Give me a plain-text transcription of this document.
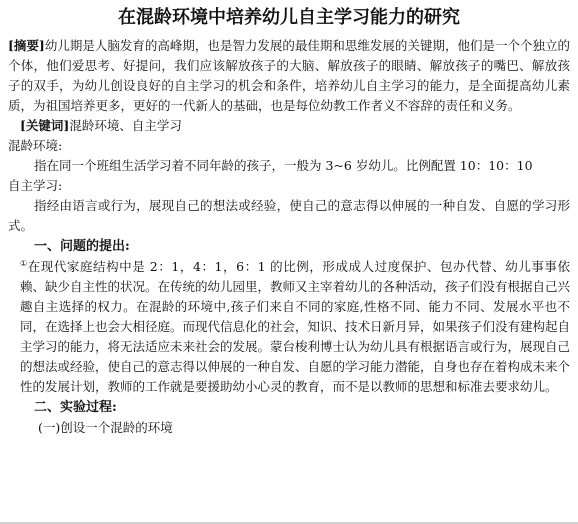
在混龄环境中培养幼儿自主学习能力的研究

[摘要]幼儿期是人脑发育的高峰期，也是智力发展的最佳期和思维发展的关键期，他们是一个个独立的个体，他们爱思考、好提问，我们应该解放孩子的大脑、解放孩子的眼睛、解放孩子的嘴巴、解放孩子的双手，为幼儿创设良好的自主学习的机会和条件，培养幼儿自主学习的能力，是全面提高幼儿素质，为祖国培养更多，更好的一代新人的基础，也是每位幼教工作者义不容辞的责任和义务。

[关键词]混龄环境、自主学习

混龄环境:

指在同一个班组生活学习着不同年龄的孩子，一般为 3~6 岁幼儿。比例配置 10：10：10

自主学习:

指经由语言或行为，展现自己的想法或经验，使自己的意志得以伸展的一种自发、自愿的学习形式。

一、问题的提出:

①在现代家庭结构中是 2：1，4：1，6：1 的比例，形成成人过度保护、包办代替、幼儿事事依赖、缺少自主性的状况。在传统的幼儿园里，教师又主宰着幼儿的各种活动，孩子们没有根据自己兴趣自主选择的权力。在混龄的环境中,孩子们来自不同的家庭,性格不同、能力不同、发展水平也不同，在选择上也会大相径庭。而现代信息化的社会，知识、技术日新月异，如果孩子们没有建构起自主学习的能力，将无法适应未来社会的发展。蒙台梭利博士认为幼儿具有根据语言或行为，展现自己的想法或经验，使自己的意志得以伸展的一种自发、自愿的学习能力潜能，自身也存在着构成未来个性的发展计划，教师的工作就是要援助幼小心灵的教育，而不是以教师的思想和标准去要求幼儿。

二、实验过程:

(一)创设一个混龄的环境
